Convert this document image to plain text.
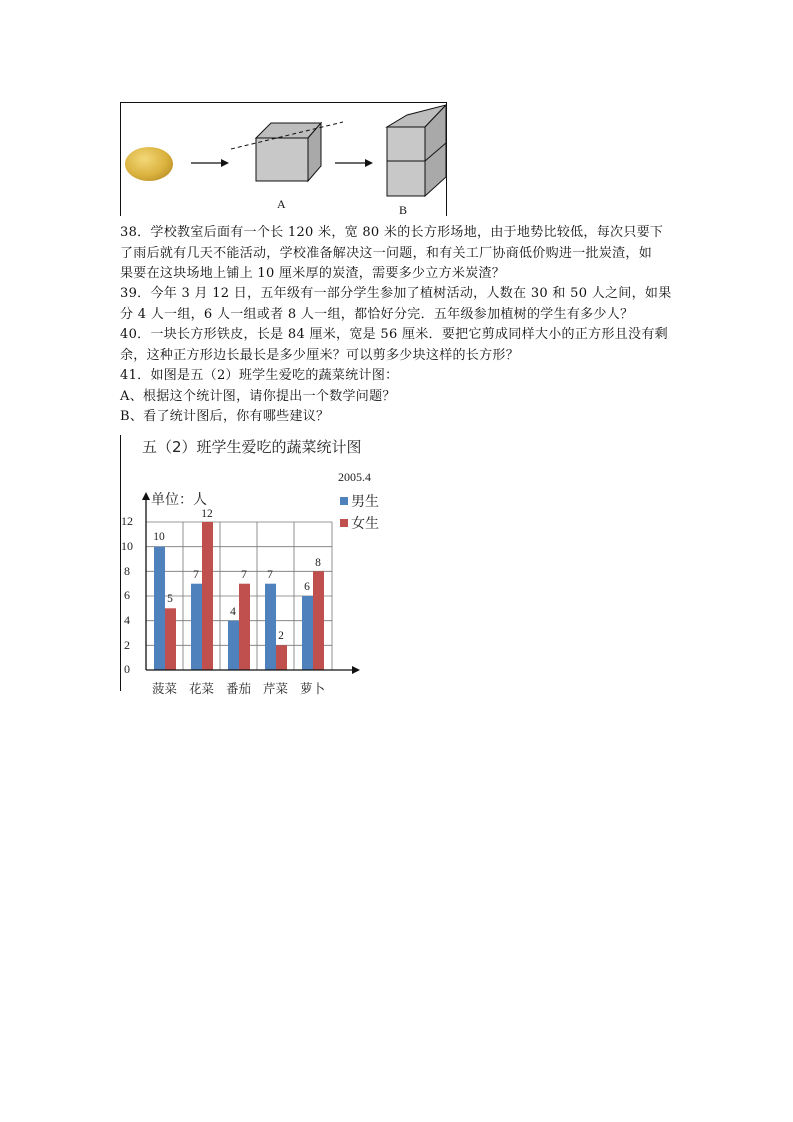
A	B
38．学校教室后面有一个长 120 米，宽 80 米的长方形场地，由于地势比较低，每次只要下
了雨后就有几天不能活动，学校准备解决这一问题，和有关工厂协商低价购进一批炭渣，如
果要在这块场地上铺上 10 厘米厚的炭渣，需要多少立方米炭渣？
39．今年 3 月 12 日，五年级有一部分学生参加了植树活动，人数在 30 和 50 人之间，如果
分 4 人一组，6 人一组或者 8 人一组，都恰好分完．五年级参加植树的学生有多少人？
40．一块长方形铁皮，长是 84 厘米，宽是 56 厘米．要把它剪成同样大小的正方形且没有剩
余，这种正方形边长最长是多少厘米？可以剪多少块这样的长方形？
41．如图是五（2）班学生爱吃的蔬菜统计图：
A、根据这个统计图，请你提出一个数学问题？
B、看了统计图后，你有哪些建议？
五（2）班学生爱吃的蔬菜统计图
2005.4
男生
女生
单位：人
12
10
8
6
4
2
0
10
7
4
7
6
5
12
7
2
8
菠菜 花菜 番茄 芹菜 萝卜
